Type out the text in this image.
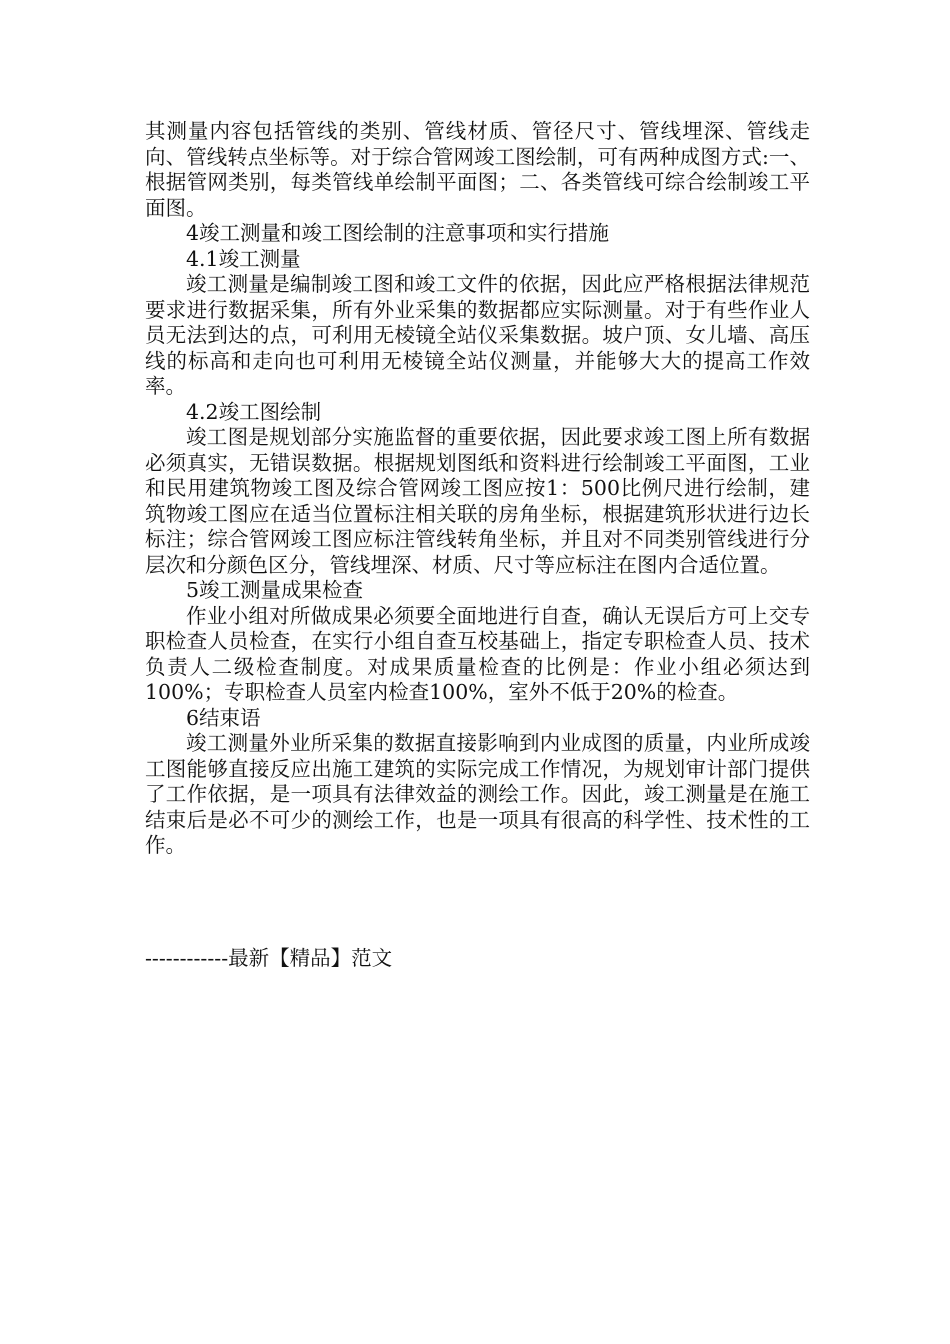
其测量内容包括管线的类别、管线材质、管径尺寸、管线埋深、管线走向、管线转点坐标等。对于综合管网竣工图绘制，可有两种成图方式:一、根据管网类别，每类管线单绘制平面图；二、各类管线可综合绘制竣工平面图。

4竣工测量和竣工图绘制的注意事项和实行措施

4.1竣工测量

竣工测量是编制竣工图和竣工文件的依据，因此应严格根据法律规范要求进行数据采集，所有外业采集的数据都应实际测量。对于有些作业人员无法到达的点，可利用无棱镜全站仪采集数据。坡户顶、女儿墙、高压线的标高和走向也可利用无棱镜全站仪测量，并能够大大的提高工作效率。

4.2竣工图绘制

竣工图是规划部分实施监督的重要依据，因此要求竣工图上所有数据必须真实，无错误数据。根据规划图纸和资料进行绘制竣工平面图，工业和民用建筑物竣工图及综合管网竣工图应按1：500比例尺进行绘制，建筑物竣工图应在适当位置标注相关联的房角坐标，根据建筑形状进行边长标注；综合管网竣工图应标注管线转角坐标，并且对不同类别管线进行分层次和分颜色区分，管线埋深、材质、尺寸等应标注在图内合适位置。

5竣工测量成果检查

作业小组对所做成果必须要全面地进行自查，确认无误后方可上交专职检查人员检查，在实行小组自查互校基础上，指定专职检查人员、技术负责人二级检查制度。对成果质量检查的比例是：作业小组必须达到100%；专职检查人员室内检查100%，室外不低于20%的检查。

6结束语

竣工测量外业所采集的数据直接影响到内业成图的质量，内业所成竣工图能够直接反应出施工建筑的实际完成工作情况，为规划审计部门提供了工作依据，是一项具有法律效益的测绘工作。因此，竣工测量是在施工结束后是必不可少的测绘工作，也是一项具有很高的科学性、技术性的工作。

------------最新【精品】范文
